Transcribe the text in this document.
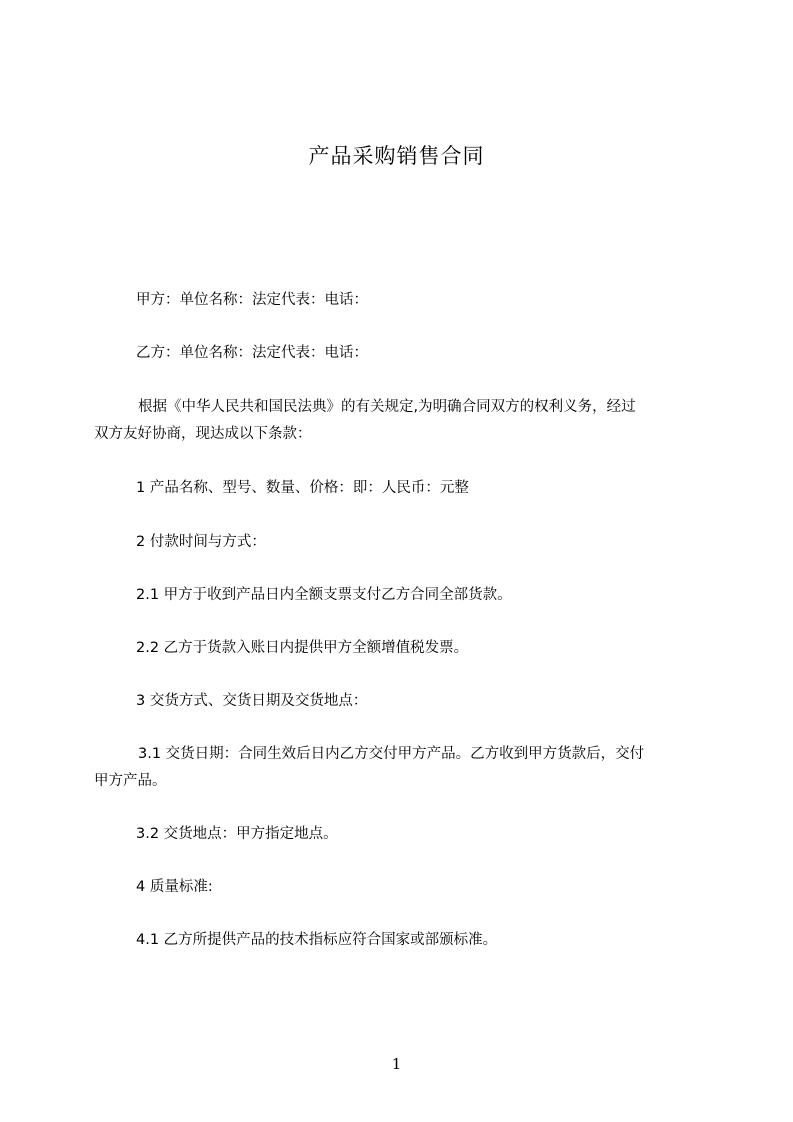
产品采购销售合同
甲方：单位名称：法定代表：电话：
乙方：单位名称：法定代表：电话：
根据《中华人民共和国民法典》的有关规定,为明确合同双方的权利义务，经过
双方友好协商，现达成以下条款：
1 产品名称、型号、数量、价格：即：人民币：元整
2 付款时间与方式：
2.1 甲方于收到产品日内全额支票支付乙方合同全部货款。
2.2 乙方于货款入账日内提供甲方全额增值税发票。
3 交货方式、交货日期及交货地点：
3.1 交货日期：合同生效后日内乙方交付甲方产品。乙方收到甲方货款后，交付
甲方产品。
3.2 交货地点：甲方指定地点。
4 质量标准:
4.1 乙方所提供产品的技术指标应符合国家或部颁标准。
1
